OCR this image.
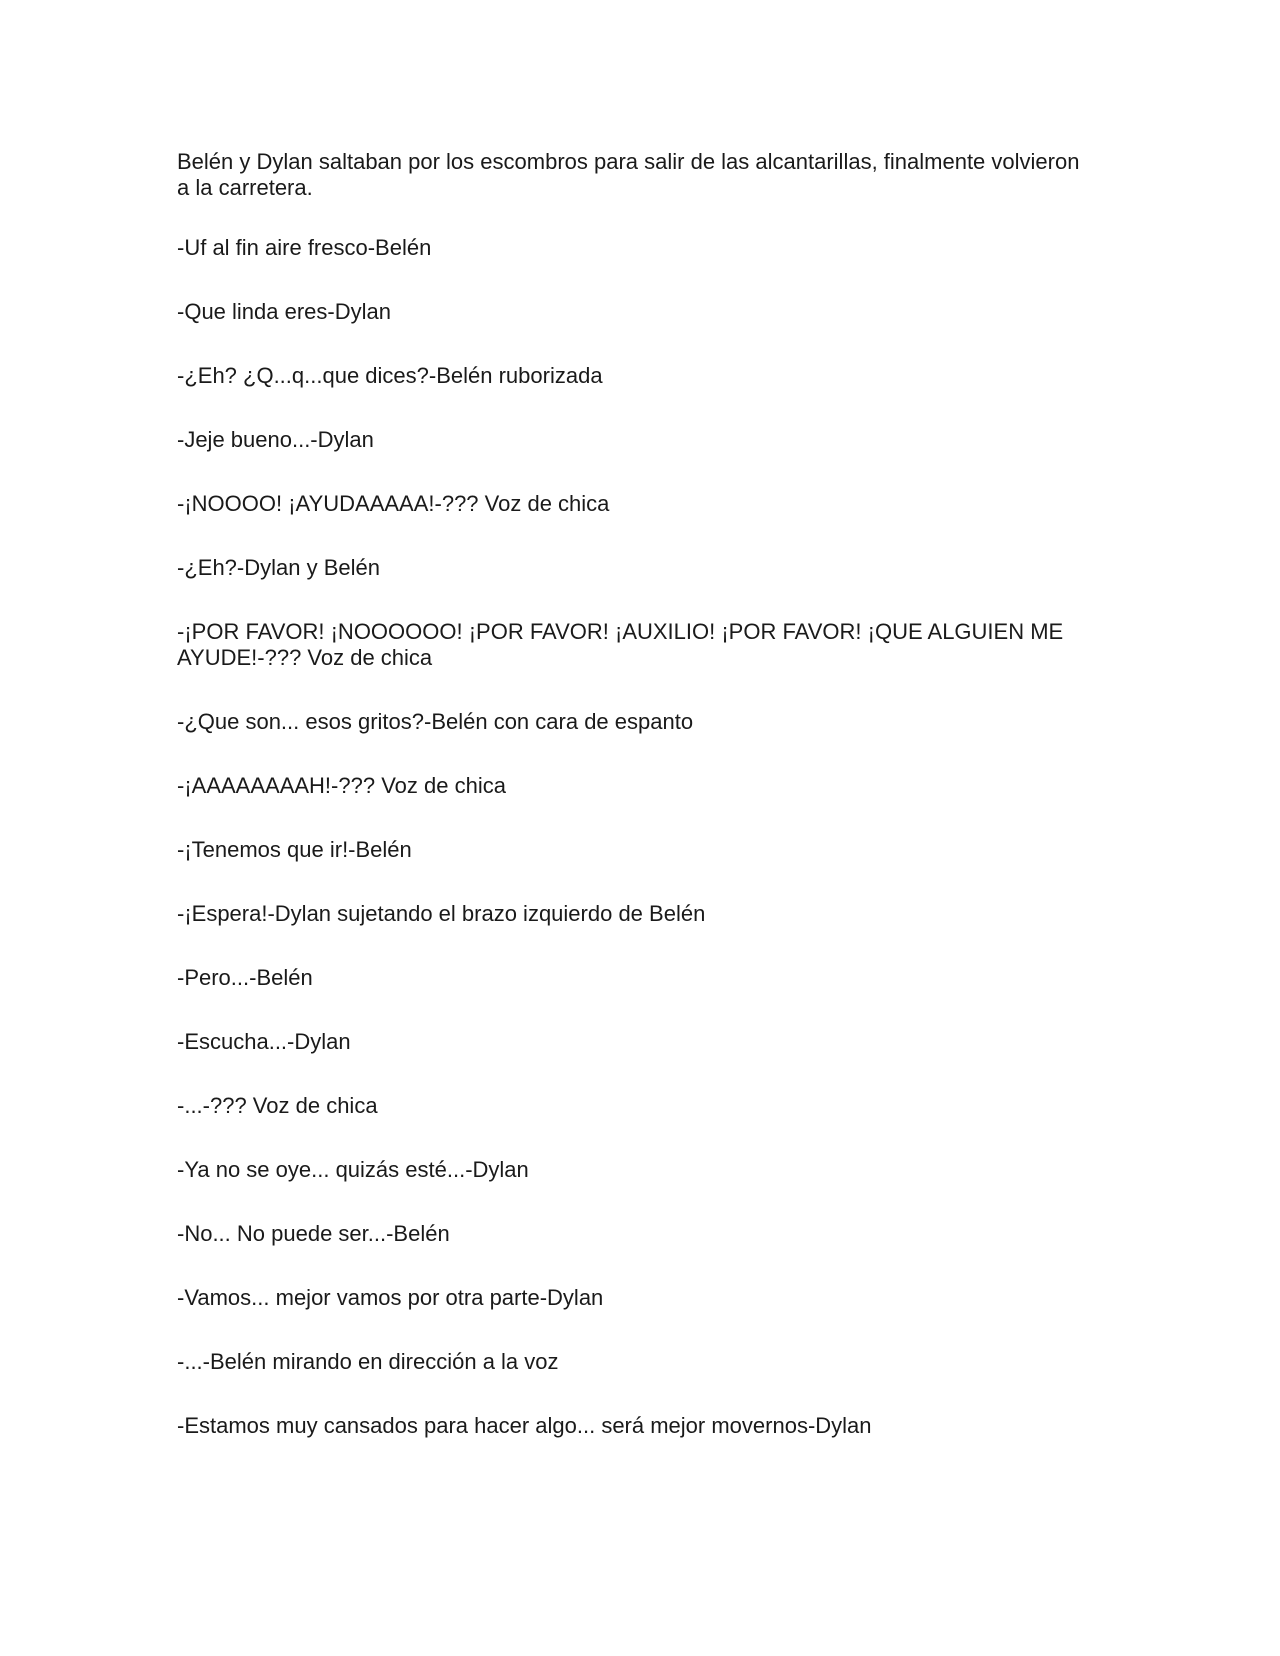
Belén y Dylan saltaban por los escombros para salir de las alcantarillas, finalmente volvieron a la carretera.

-Uf al fin aire fresco-Belén

-Que linda eres-Dylan

-¿Eh? ¿Q...q...que dices?-Belén ruborizada

-Jeje bueno...-Dylan

-¡NOOOO! ¡AYUDAAAAA!-??? Voz de chica

-¿Eh?-Dylan y Belén

-¡POR FAVOR! ¡NOOOOOO! ¡POR FAVOR! ¡AUXILIO! ¡POR FAVOR! ¡QUE ALGUIEN ME AYUDE!-??? Voz de chica

-¿Que son... esos gritos?-Belén con cara de espanto

-¡AAAAAAAAH!-??? Voz de chica

-¡Tenemos que ir!-Belén

-¡Espera!-Dylan sujetando el brazo izquierdo de Belén

-Pero...-Belén

-Escucha...-Dylan

-...-??? Voz de chica

-Ya no se oye... quizás esté...-Dylan

-No... No puede ser...-Belén

-Vamos... mejor vamos por otra parte-Dylan

-...-Belén mirando en dirección a la voz

-Estamos muy cansados para hacer algo... será mejor movernos-Dylan
